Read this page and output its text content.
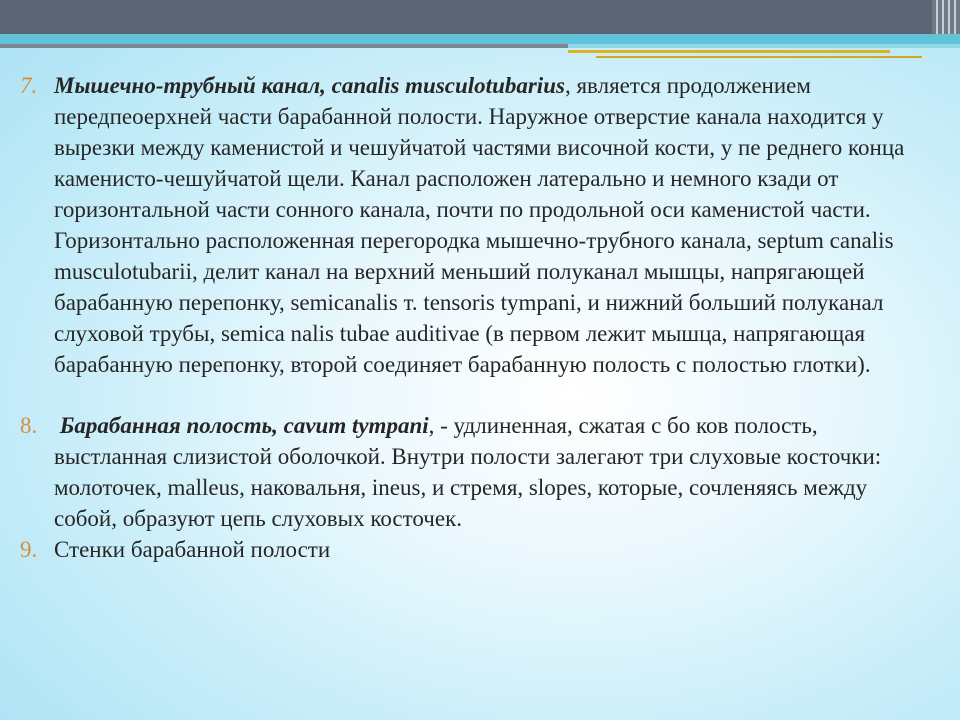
7. Мышечно-трубный канал, canalis musculotubarius, является продолжением передпеоерхней части барабанной полости. Наружное отверстие канала находится у вырезки между каменистой и чешуйчатой частями височной кости, у пе реднего конца каменисто-чешуйчатой щели. Канал расположен латерально и немного кзади от горизонтальной части сонного канала, почти по продольной оси каменистой части. Горизонтально расположенная перегородка мышечно-трубного канала, septum canalis musculotubarii, делит канал на верхний меньший полуканал мышцы, напрягающей барабанную перепонку, semicanalis т. tensoris tympani, и нижний больший полуканал слуховой трубы, semica nalis tubae auditivae (в первом лежит мышца, напрягающая барабанную перепонку, второй соединяет барабанную полость с полостью глотки).
8. Барабанная полость, cavum tympani, - удлиненная, сжатая с бо ков полость, выстланная слизистой оболочкой. Внутри полости залегают три слуховые косточки: молоточек, malleus, наковальня, ineus, и стремя, slopes, которые, сочленяясь между собой, образуют цепь слуховых косточек.
9. Стенки барабанной полости
